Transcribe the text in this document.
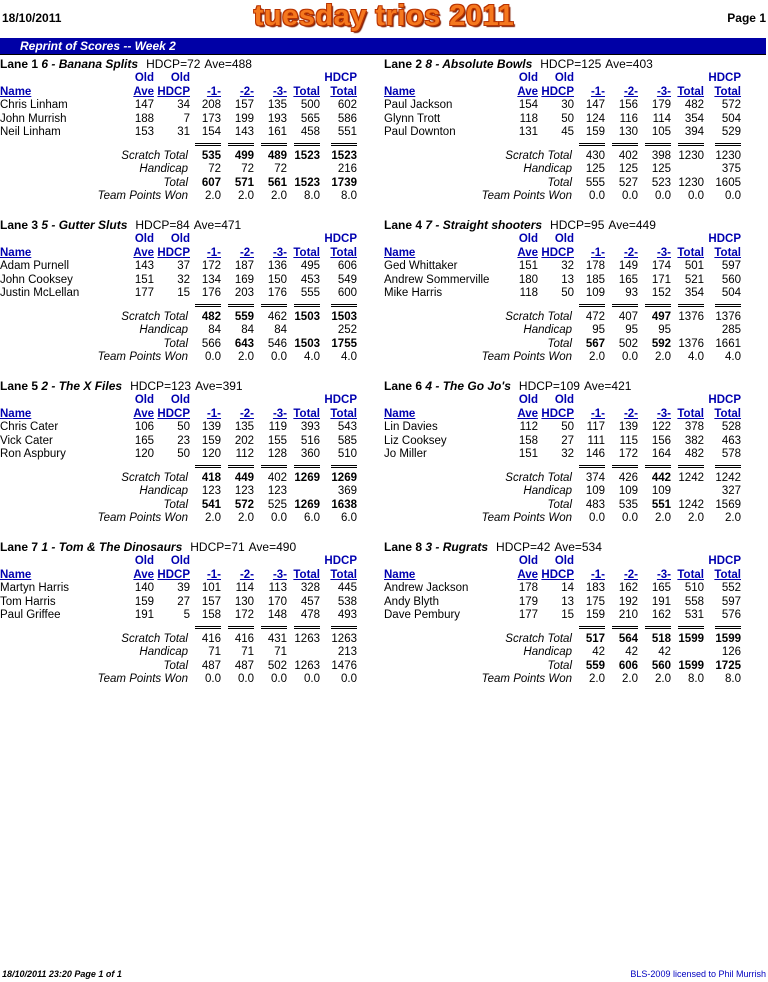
18/10/2011	tuesday trios 2011	Page 1
Reprint of Scores -- Week 2
Lane 1 6 - Banana Splits HDCP=72 Ave=488
	Old	Old					HDCP
Name	Ave	HDCP	-1-	-2-	-3-	Total	Total
Chris Linham	147	34	208	157	135	500	602
John Murrish	188	7	173	199	193	565	586
Neil Linham	153	31	154	143	161	458	551

Scratch Total			535	499	489	1523	1523
Handicap			72	72	72		216
Total			607	571	561	1523	1739
Team Points Won			2.0	2.0	2.0	8.0	8.0
Lane 2 8 - Absolute Bowls HDCP=125 Ave=403
	Old	Old					HDCP
Name	Ave	HDCP	-1-	-2-	-3-	Total	Total
Paul Jackson	154	30	147	156	179	482	572
Glynn Trott	118	50	124	116	114	354	504
Paul Downton	131	45	159	130	105	394	529

Scratch Total			430	402	398	1230	1230
Handicap			125	125	125		375
Total			555	527	523	1230	1605
Team Points Won			0.0	0.0	0.0	0.0	0.0
Lane 3 5 - Gutter Sluts HDCP=84 Ave=471
	Old	Old					HDCP
Name	Ave	HDCP	-1-	-2-	-3-	Total	Total
Adam Purnell	143	37	172	187	136	495	606
John Cooksey	151	32	134	169	150	453	549
Justin McLellan	177	15	176	203	176	555	600

Scratch Total			482	559	462	1503	1503
Handicap			84	84	84		252
Total			566	643	546	1503	1755
Team Points Won			0.0	2.0	0.0	4.0	4.0
Lane 4 7 - Straight shooters HDCP=95 Ave=449
	Old	Old					HDCP
Name	Ave	HDCP	-1-	-2-	-3-	Total	Total
Ged Whittaker	151	32	178	149	174	501	597
Andrew Sommerville	180	13	185	165	171	521	560
Mike Harris	118	50	109	93	152	354	504

Scratch Total			472	407	497	1376	1376
Handicap			95	95	95		285
Total			567	502	592	1376	1661
Team Points Won			2.0	0.0	2.0	4.0	4.0
Lane 5 2 - The X Files HDCP=123 Ave=391
	Old	Old					HDCP
Name	Ave	HDCP	-1-	-2-	-3-	Total	Total
Chris Cater	106	50	139	135	119	393	543
Vick Cater	165	23	159	202	155	516	585
Ron Aspbury	120	50	120	112	128	360	510

Scratch Total			418	449	402	1269	1269
Handicap			123	123	123		369
Total			541	572	525	1269	1638
Team Points Won			2.0	2.0	0.0	6.0	6.0
Lane 6 4 - The Go Jo's HDCP=109 Ave=421
	Old	Old					HDCP
Name	Ave	HDCP	-1-	-2-	-3-	Total	Total
Lin Davies	112	50	117	139	122	378	528
Liz Cooksey	158	27	111	115	156	382	463
Jo Miller	151	32	146	172	164	482	578

Scratch Total			374	426	442	1242	1242
Handicap			109	109	109		327
Total			483	535	551	1242	1569
Team Points Won			0.0	0.0	2.0	2.0	2.0
Lane 7 1 - Tom & The Dinosaurs HDCP=71 Ave=490
	Old	Old					HDCP
Name	Ave	HDCP	-1-	-2-	-3-	Total	Total
Martyn Harris	140	39	101	114	113	328	445
Tom Harris	159	27	157	130	170	457	538
Paul Griffee	191	5	158	172	148	478	493

Scratch Total			416	416	431	1263	1263
Handicap			71	71	71		213
Total			487	487	502	1263	1476
Team Points Won			0.0	0.0	0.0	0.0	0.0
Lane 8 3 - Rugrats HDCP=42 Ave=534
	Old	Old					HDCP
Name	Ave	HDCP	-1-	-2-	-3-	Total	Total
Andrew Jackson	178	14	183	162	165	510	552
Andy Blyth	179	13	175	192	191	558	597
Dave Pembury	177	15	159	210	162	531	576

Scratch Total			517	564	518	1599	1599
Handicap			42	42	42		126
Total			559	606	560	1599	1725
Team Points Won			2.0	2.0	2.0	8.0	8.0
18/10/2011 23:20 Page 1 of 1	BLS-2009 licensed to Phil Murrish
